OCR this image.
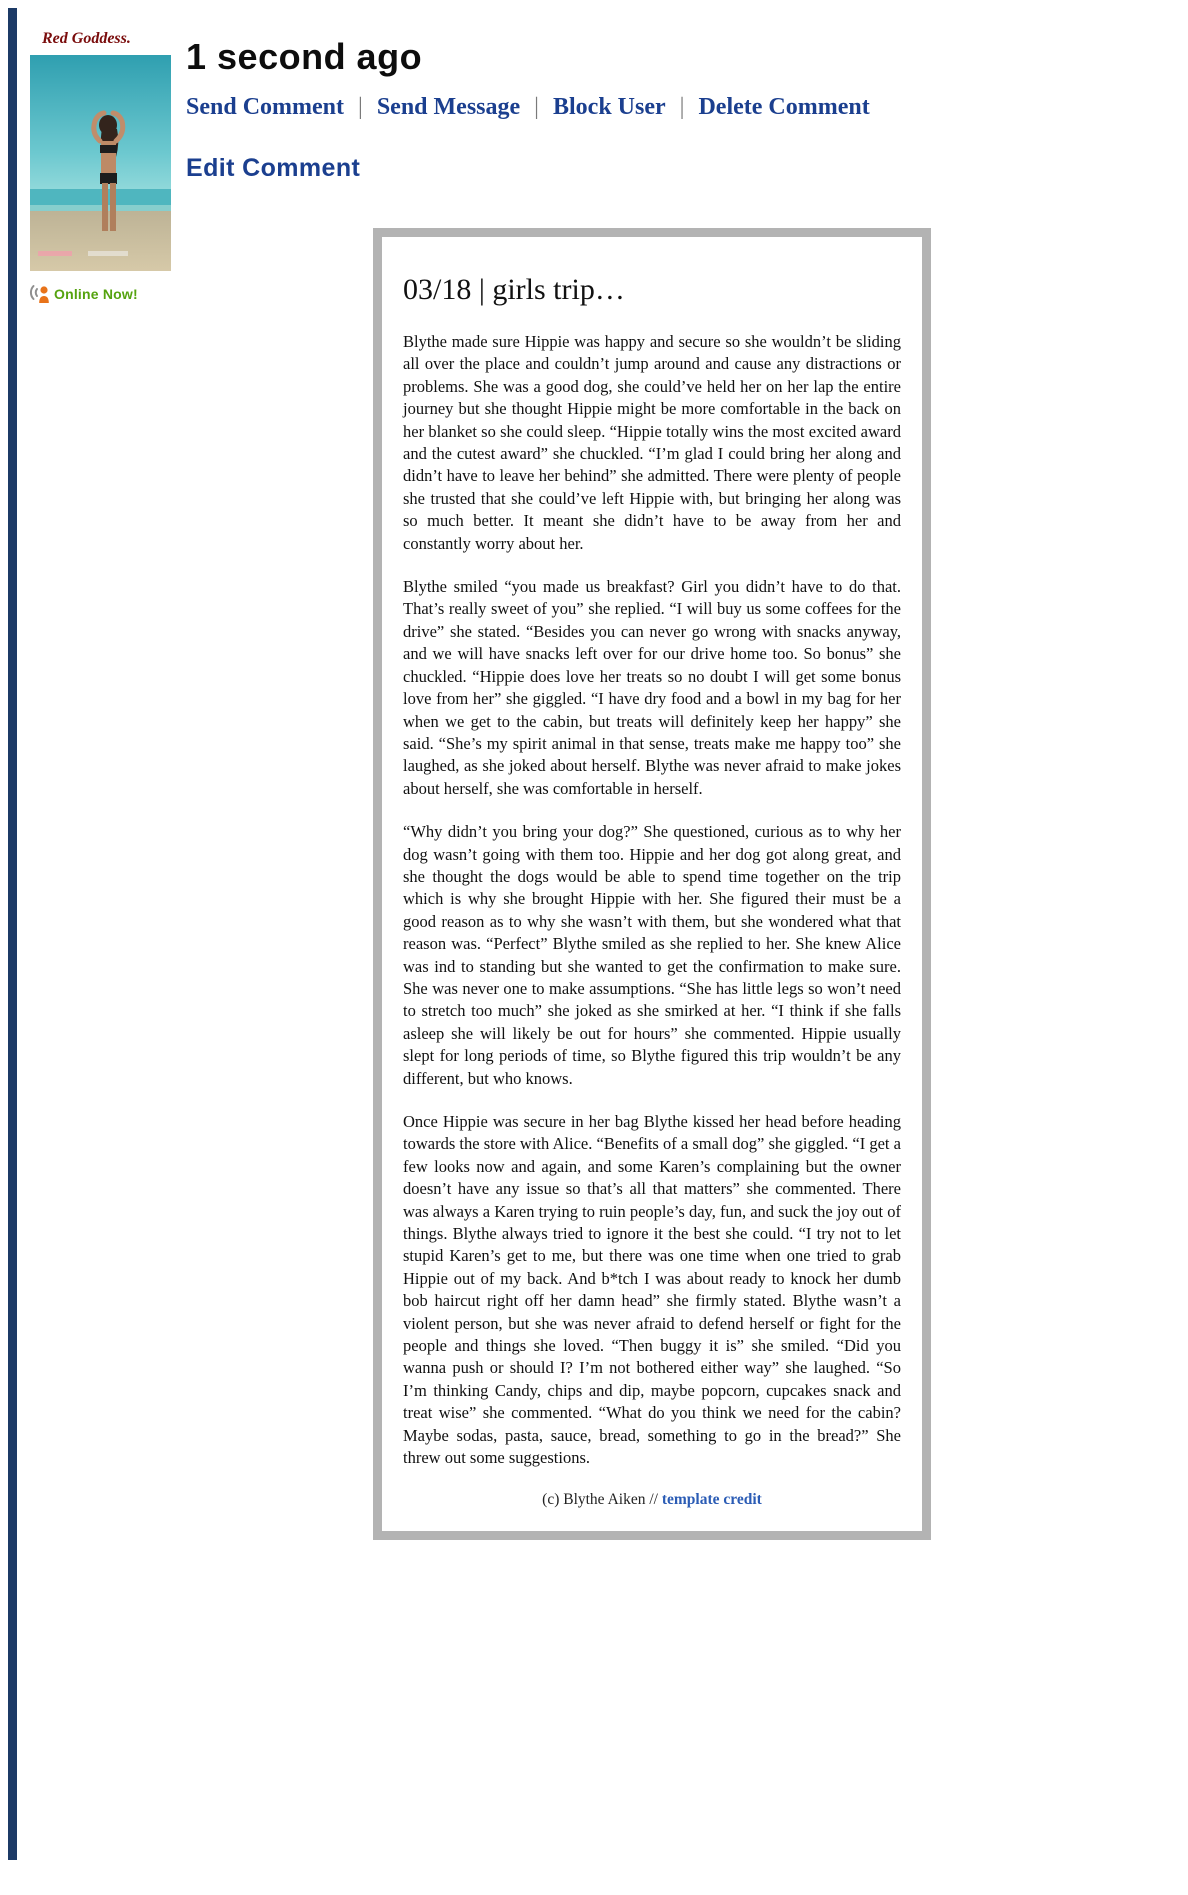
Red Goddess.
Online Now!
1 second ago
Send Comment | Send Message | Block User | Delete Comment
Edit Comment
03/18 | girls trip…

Blythe made sure Hippie was happy and secure so she wouldn’t be sliding all over the place and couldn’t jump around and cause any distractions or problems. She was a good dog, she could’ve held her on her lap the entire journey but she thought Hippie might be more comfortable in the back on her blanket so she could sleep. “Hippie totally wins the most excited award and the cutest award” she chuckled. “I’m glad I could bring her along and didn’t have to leave her behind” she admitted. There were plenty of people she trusted that she could’ve left Hippie with, but bringing her along was so much better. It meant she didn’t have to be away from her and constantly worry about her.

Blythe smiled “you made us breakfast? Girl you didn’t have to do that. That’s really sweet of you” she replied. “I will buy us some coffees for the drive” she stated. “Besides you can never go wrong with snacks anyway, and we will have snacks left over for our drive home too. So bonus” she chuckled. “Hippie does love her treats so no doubt I will get some bonus love from her” she giggled. “I have dry food and a bowl in my bag for her when we get to the cabin, but treats will definitely keep her happy” she said. “She’s my spirit animal in that sense, treats make me happy too” she laughed, as she joked about herself. Blythe was never afraid to make jokes about herself, she was comfortable in herself.

“Why didn’t you bring your dog?” She questioned, curious as to why her dog wasn’t going with them too. Hippie and her dog got along great, and she thought the dogs would be able to spend time together on the trip which is why she brought Hippie with her. She figured their must be a good reason as to why she wasn’t with them, but she wondered what that reason was. “Perfect” Blythe smiled as she replied to her. She knew Alice was ind to standing but she wanted to get the confirmation to make sure. She was never one to make assumptions. “She has little legs so won’t need to stretch too much” she joked as she smirked at her. “I think if she falls asleep she will likely be out for hours” she commented. Hippie usually slept for long periods of time, so Blythe figured this trip wouldn’t be any different, but who knows.

Once Hippie was secure in her bag Blythe kissed her head before heading towards the store with Alice. “Benefits of a small dog” she giggled. “I get a few looks now and again, and some Karen’s complaining but the owner doesn’t have any issue so that’s all that matters” she commented. There was always a Karen trying to ruin people’s day, fun, and suck the joy out of things. Blythe always tried to ignore it the best she could. “I try not to let stupid Karen’s get to me, but there was one time when one tried to grab Hippie out of my back. And b*tch I was about ready to knock her dumb bob haircut right off her damn head” she firmly stated. Blythe wasn’t a violent person, but she was never afraid to defend herself or fight for the people and things she loved. “Then buggy it is” she smiled. “Did you wanna push or should I? I’m not bothered either way” she laughed. “So I’m thinking Candy, chips and dip, maybe popcorn, cupcakes snack and treat wise” she commented. “What do you think we need for the cabin? Maybe sodas, pasta, sauce, bread, something to go in the bread?” She threw out some suggestions.

(c) Blythe Aiken // template credit
